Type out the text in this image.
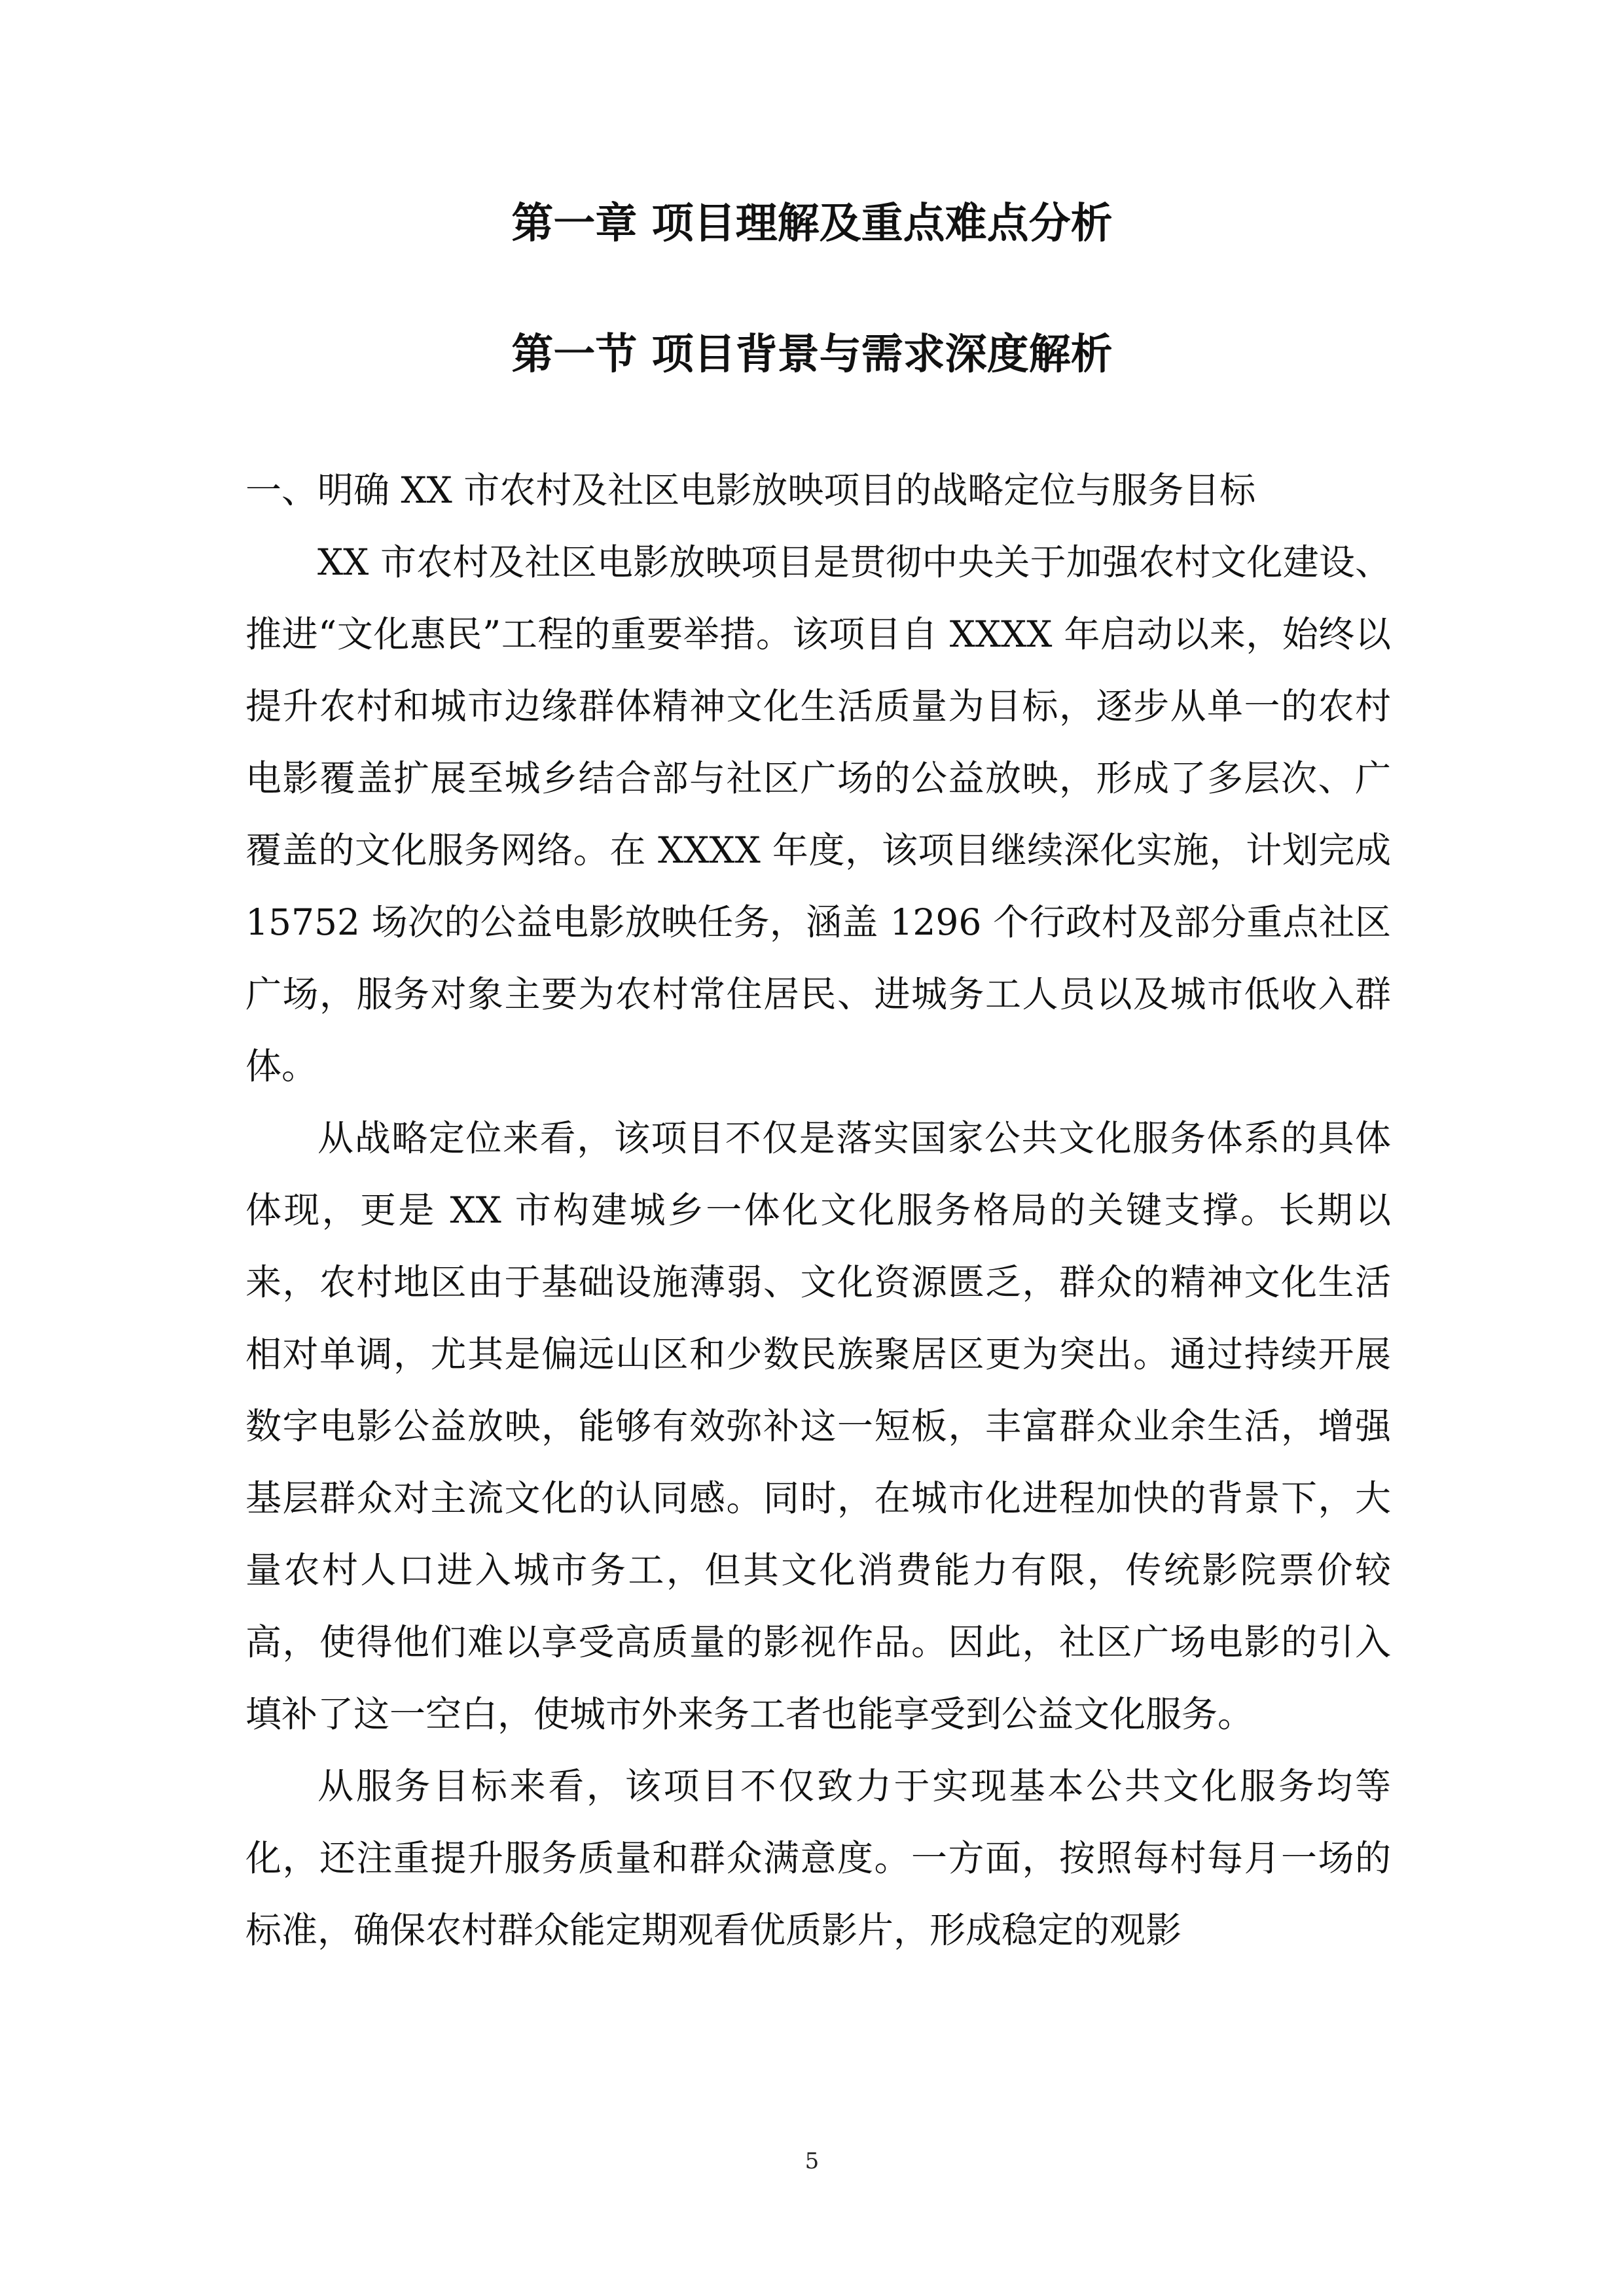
第一章 项目理解及重点难点分析
第一节 项目背景与需求深度解析

一、明确 XX 市农村及社区电影放映项目的战略定位与服务目标

XX 市农村及社区电影放映项目是贯彻中央关于加强农村文化建设、推进“文化惠民”工程的重要举措。该项目自 XXXX 年启动以来，始终以提升农村和城市边缘群体精神文化生活质量为目标，逐步从单一的农村电影覆盖扩展至城乡结合部与社区广场的公益放映，形成了多层次、广覆盖的文化服务网络。在 XXXX 年度，该项目继续深化实施，计划完成 15752 场次的公益电影放映任务，涵盖 1296 个行政村及部分重点社区广场，服务对象主要为农村常住居民、进城务工人员以及城市低收入群体。

从战略定位来看，该项目不仅是落实国家公共文化服务体系的具体体现，更是 XX 市构建城乡一体化文化服务格局的关键支撑。长期以来，农村地区由于基础设施薄弱、文化资源匮乏，群众的精神文化生活相对单调，尤其是偏远山区和少数民族聚居区更为突出。通过持续开展数字电影公益放映，能够有效弥补这一短板，丰富群众业余生活，增强基层群众对主流文化的认同感。同时，在城市化进程加快的背景下，大量农村人口进入城市务工，但其文化消费能力有限，传统影院票价较高，使得他们难以享受高质量的影视作品。因此，社区广场电影的引入填补了这一空白，使城市外来务工者也能享受到公益文化服务。

从服务目标来看，该项目不仅致力于实现基本公共文化服务均等化，还注重提升服务质量和群众满意度。一方面，按照每村每月一场的标准，确保农村群众能定期观看优质影片，形成稳定的观影

5
